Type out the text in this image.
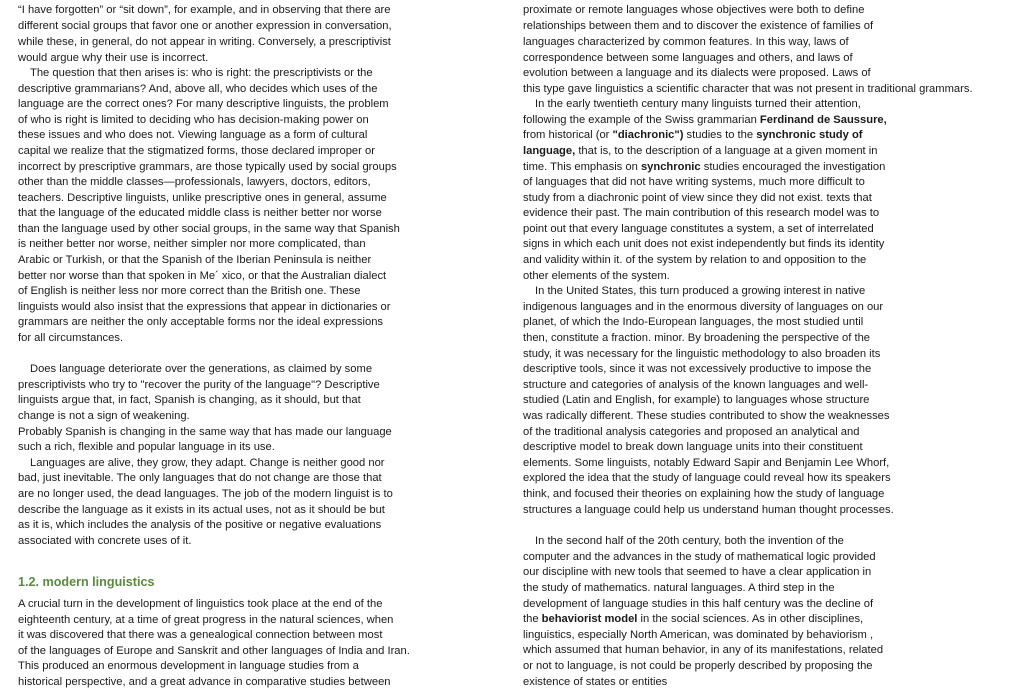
“I have forgotten” or “sit down”, for example, and in observing that there are
different social groups that favor one or another expression in conversation,
while these, in general, do not appear in writing. Conversely, a prescriptivist
would argue why their use is incorrect.
The question that then arises is: who is right: the prescriptivists or the
descriptive grammarians? And, above all, who decides which uses of the
language are the correct ones? For many descriptive linguists, the problem
of who is right is limited to deciding who has decision-making power on
these issues and who does not. Viewing language as a form of cultural
capital we realize that the stigmatized forms, those declared improper or
incorrect by prescriptive grammars, are those typically used by social groups
other than the middle classes—professionals, lawyers, doctors, editors,
teachers. Descriptive linguists, unlike prescriptive ones in general, assume
that the language of the educated middle class is neither better nor worse
than the language used by other social groups, in the same way that Spanish
is neither better nor worse, neither simpler nor more complicated, than
Arabic or Turkish, or that the Spanish of the Iberian Peninsula is neither
better nor worse than that spoken in Me´ xico, or that the Australian dialect
of English is neither less nor more correct than the British one. These
linguists would also insist that the expressions that appear in dictionaries or
grammars are neither the only acceptable forms nor the ideal expressions
for all circumstances.
Does language deteriorate over the generations, as claimed by some
prescriptivists who try to "recover the purity of the language"? Descriptive
linguists argue that, in fact, Spanish is changing, as it should, but that
change is not a sign of weakening.
Probably Spanish is changing in the same way that has made our language
such a rich, flexible and popular language in its use.
Languages are alive, they grow, they adapt. Change is neither good nor
bad, just inevitable. The only languages that do not change are those that
are no longer used, the dead languages. The job of the modern linguist is to
describe the language as it exists in its actual uses, not as it should be but
as it is, which includes the analysis of the positive or negative evaluations
associated with concrete uses of it.
1.2. modern linguistics
A crucial turn in the development of linguistics took place at the end of the
eighteenth century, at a time of great progress in the natural sciences, when
it was discovered that there was a genealogical connection between most
of the languages of Europe and Sanskrit and other languages of India and Iran.
This produced an enormous development in language studies from a
historical perspective, and a great advance in comparative studies between
proximate or remote languages whose objectives were both to define
relationships between them and to discover the existence of families of
languages characterized by common features. In this way, laws of
correspondence between some languages and others, and laws of
evolution between a language and its dialects were proposed. Laws of
this type gave linguistics a scientific character that was not present in traditional grammars.
In the early twentieth century many linguists turned their attention,
following the example of the Swiss grammarian Ferdinand de Saussure,
from historical (or "diachronic") studies to the synchronic study of
language, that is, to the description of a language at a given moment in
time. This emphasis on synchronic studies encouraged the investigation
of languages that did not have writing systems, much more difficult to
study from a diachronic point of view since they did not exist. texts that
evidence their past. The main contribution of this research model was to
point out that every language constitutes a system, a set of interrelated
signs in which each unit does not exist independently but finds its identity
and validity within it. of the system by relation to and opposition to the
other elements of the system.
In the United States, this turn produced a growing interest in native
indigenous languages and in the enormous diversity of languages on our
planet, of which the Indo-European languages, the most studied until
then, constitute a fraction. minor. By broadening the perspective of the
study, it was necessary for the linguistic methodology to also broaden its
descriptive tools, since it was not excessively productive to impose the
structure and categories of analysis of the known languages and well-
studied (Latin and English, for example) to languages whose structure
was radically different. These studies contributed to show the weaknesses
of the traditional analysis categories and proposed an analytical and
descriptive model to break down language units into their constituent
elements. Some linguists, notably Edward Sapir and Benjamin Lee Whorf,
explored the idea that the study of language could reveal how its speakers
think, and focused their theories on explaining how the study of language
structures a language could help us understand human thought processes.
In the second half of the 20th century, both the invention of the
computer and the advances in the study of mathematical logic provided
our discipline with new tools that seemed to have a clear application in
the study of mathematics. natural languages. A third step in the
development of language studies in this half century was the decline of
the behaviorist model in the social sciences. As in other disciplines,
linguistics, especially North American, was dominated by behaviorism ,
which assumed that human behavior, in any of its manifestations, related
or not to language, is not could be properly described by proposing the
existence of states or entities
